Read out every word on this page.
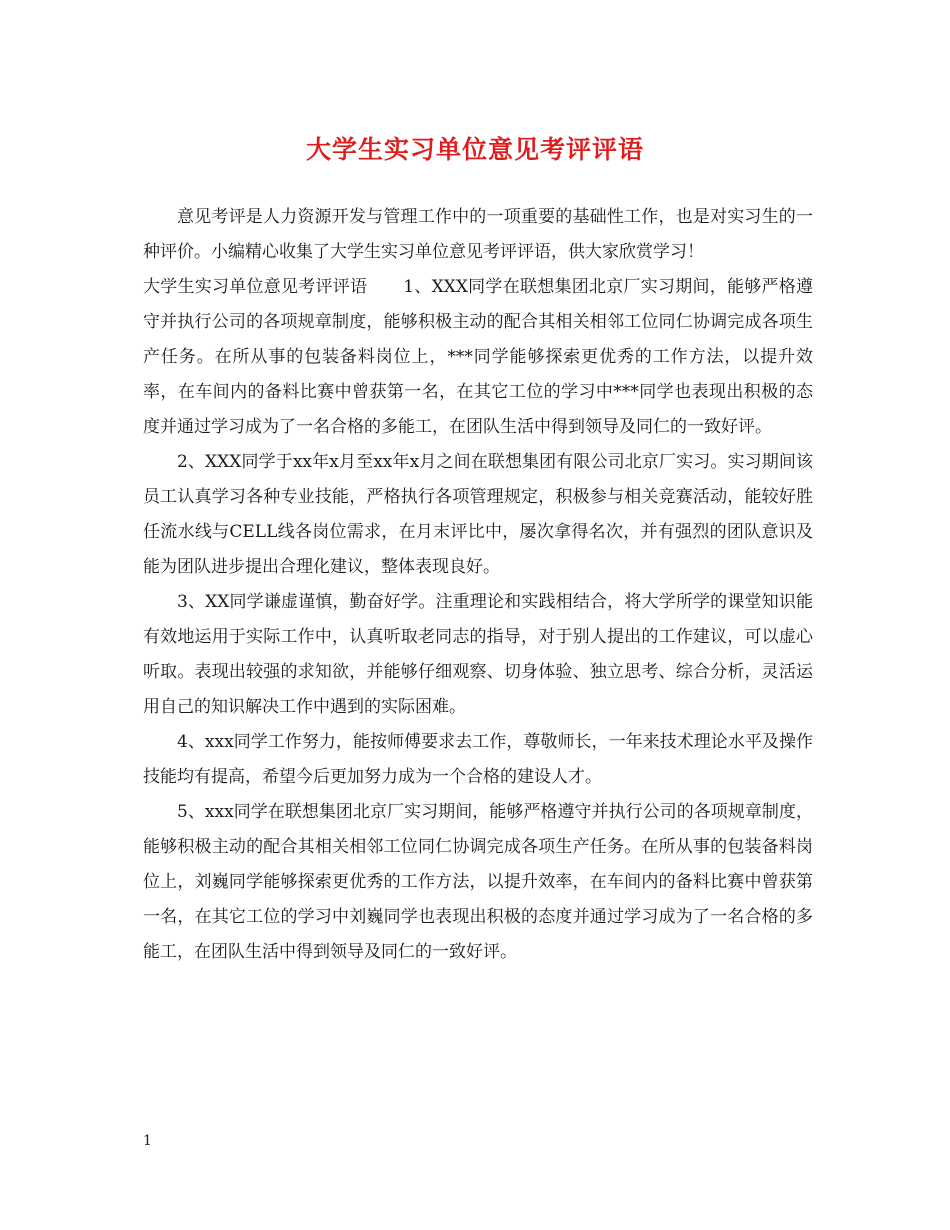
大学生实习单位意见考评评语

意见考评是人力资源开发与管理工作中的一项重要的基础性工作，也是对实习生的一种评价。小编精心收集了大学生实习单位意见考评评语，供大家欣赏学习！

大学生实习单位意见考评评语 1、XXX同学在联想集团北京厂实习期间，能够严格遵守并执行公司的各项规章制度，能够积极主动的配合其相关相邻工位同仁协调完成各项生产任务。在所从事的包装备料岗位上，***同学能够探索更优秀的工作方法，以提升效率，在车间内的备料比赛中曾获第一名，在其它工位的学习中***同学也表现出积极的态度并通过学习成为了一名合格的多能工，在团队生活中得到领导及同仁的一致好评。

2、XXX同学于xx年x月至xx年x月之间在联想集团有限公司北京厂实习。实习期间该员工认真学习各种专业技能，严格执行各项管理规定，积极参与相关竞赛活动，能较好胜任流水线与CELL线各岗位需求，在月末评比中，屡次拿得名次，并有强烈的团队意识及能为团队进步提出合理化建议，整体表现良好。

3、XX同学谦虚谨慎，勤奋好学。注重理论和实践相结合，将大学所学的课堂知识能有效地运用于实际工作中，认真听取老同志的指导，对于别人提出的工作建议，可以虚心听取。表现出较强的求知欲，并能够仔细观察、切身体验、独立思考、综合分析，灵活运用自己的知识解决工作中遇到的实际困难。

4、xxx同学工作努力，能按师傅要求去工作，尊敬师长，一年来技术理论水平及操作技能均有提高，希望今后更加努力成为一个合格的建设人才。

5、xxx同学在联想集团北京厂实习期间，能够严格遵守并执行公司的各项规章制度，能够积极主动的配合其相关相邻工位同仁协调完成各项生产任务。在所从事的包装备料岗位上，刘巍同学能够探索更优秀的工作方法，以提升效率，在车间内的备料比赛中曾获第一名，在其它工位的学习中刘巍同学也表现出积极的态度并通过学习成为了一名合格的多能工，在团队生活中得到领导及同仁的一致好评。

1
